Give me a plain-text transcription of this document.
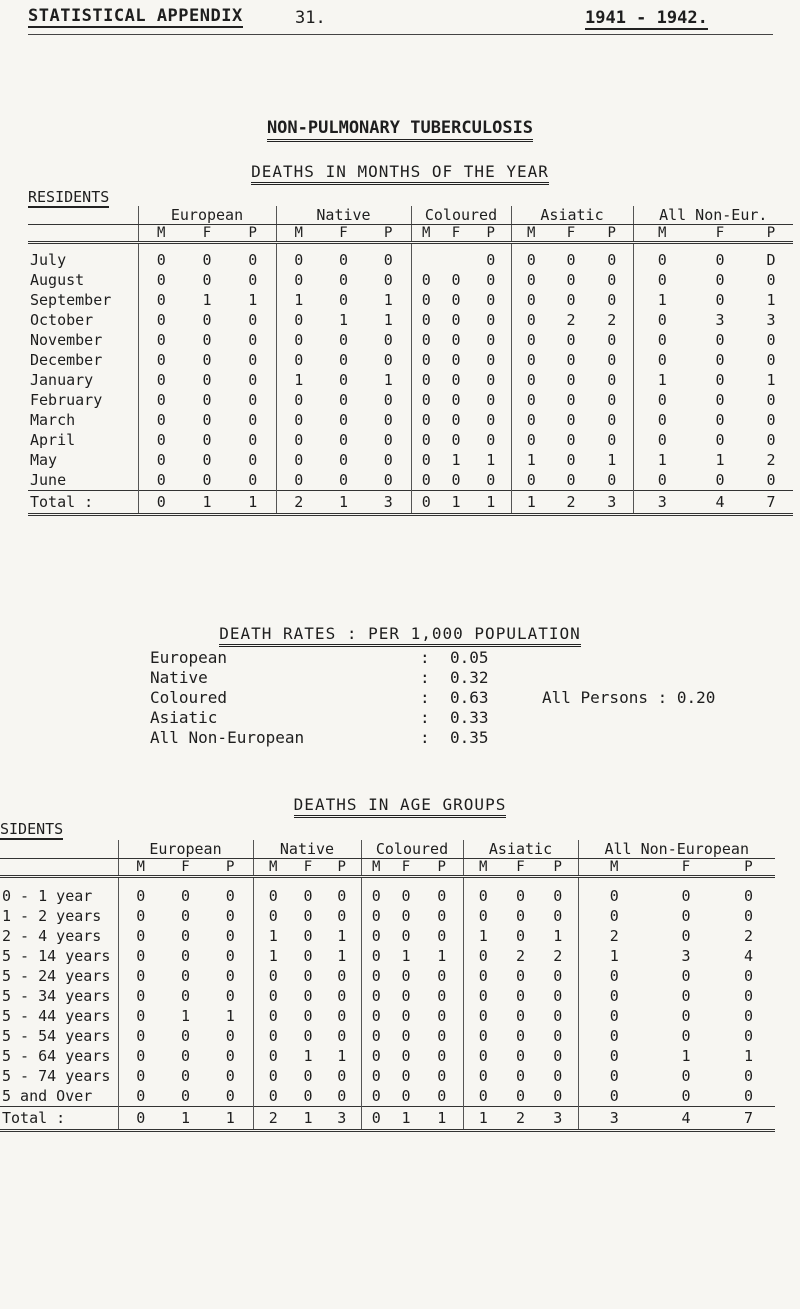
STATISTICAL APPENDIX	31.	1941 - 1942.
NON-PULMONARY TUBERCULOSIS
DEATHS IN MONTHS OF THE YEAR
RESIDENTS
	European			Native			Coloured			Asiatic			All Non-Eur.		
	M	F	P	M	F	P	M	F	P	M	F	P	M	F	P
July	0	0	0	0	0	0			0	0	0	0	0	0	D
August	0	0	0	0	0	0	0	0	0	0	0	0	0	0	0
September	0	1	1	1	0	1	0	0	0	0	0	0	1	0	1
October	0	0	0	0	1	1	0	0	0	0	2	2	0	3	3
November	0	0	0	0	0	0	0	0	0	0	0	0	0	0	0
December	0	0	0	0	0	0	0	0	0	0	0	0	0	0	0
January	0	0	0	1	0	1	0	0	0	0	0	0	1	0	1
February	0	0	0	0	0	0	0	0	0	0	0	0	0	0	0
March	0	0	0	0	0	0	0	0	0	0	0	0	0	0	0
April	0	0	0	0	0	0	0	0	0	0	0	0	0	0	0
May	0	0	0	0	0	0	0	1	1	1	0	1	1	1	2
June	0	0	0	0	0	0	0	0	0	0	0	0	0	0	0
Total :	0	1	1	2	1	3	0	1	1	1	2	3	3	4	7
DEATH RATES : PER 1,000 POPULATION
European	:	0.05
Native	:	0.32
Coloured	:	0.63
Asiatic	:	0.33
All Non-European	:	0.35
All Persons : 0.20
DEATHS IN AGE GROUPS
SIDENTS
	European			Native			Coloured			Asiatic			All Non-European		
	M	F	P	M	F	P	M	F	P	M	F	P	M	F	P
0 - 1 year	0	0	0	0	0	0	0	0	0	0	0	0	0	0	0
1 - 2 years	0	0	0	0	0	0	0	0	0	0	0	0	0	0	0
2 - 4 years	0	0	0	1	0	1	0	0	0	1	0	1	2	0	2
5 - 14 years	0	0	0	1	0	1	0	1	1	0	2	2	1	3	4
5 - 24 years	0	0	0	0	0	0	0	0	0	0	0	0	0	0	0
5 - 34 years	0	0	0	0	0	0	0	0	0	0	0	0	0	0	0
5 - 44 years	0	1	1	0	0	0	0	0	0	0	0	0	0	0	0
5 - 54 years	0	0	0	0	0	0	0	0	0	0	0	0	0	0	0
5 - 64 years	0	0	0	0	1	1	0	0	0	0	0	0	0	1	1
5 - 74 years	0	0	0	0	0	0	0	0	0	0	0	0	0	0	0
5 and Over	0	0	0	0	0	0	0	0	0	0	0	0	0	0	0
Total :	0	1	1	2	1	3	0	1	1	1	2	3	3	4	7
